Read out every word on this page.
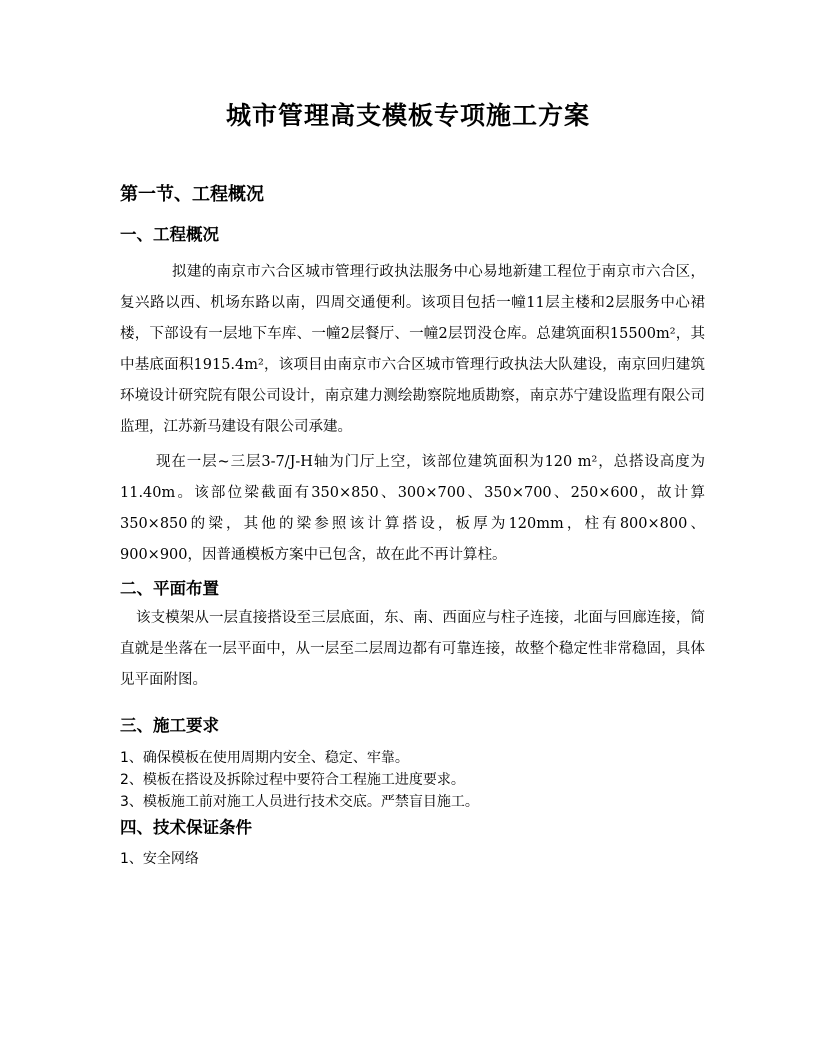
城市管理高支模板专项施工方案
第一节、工程概况
一、工程概况

拟建的南京市六合区城市管理行政执法服务中心易地新建工程位于南京市六合区，复兴路以西、机场东路以南，四周交通便利。该项目包括一幢11层主楼和2层服务中心裙楼，下部设有一层地下车库、一幢2层餐厅、一幢2层罚没仓库。总建筑面积15500m²，其中基底面积1915.4m²，该项目由南京市六合区城市管理行政执法大队建设，南京回归建筑环境设计研究院有限公司设计，南京建力测绘勘察院地质勘察，南京苏宁建设监理有限公司监理，江苏新马建设有限公司承建。

现在一层~三层3-7/J-H轴为门厅上空，该部位建筑面积为120 m²，总搭设高度为11.40m。该部位梁截面有350×850、300×700、350×700、250×600，故计算350×850的梁，其他的梁参照该计算搭设，板厚为120mm，柱有800×800、900×900，因普通模板方案中已包含，故在此不再计算柱。

二、平面布置

该支模架从一层直接搭设至三层底面，东、南、西面应与柱子连接，北面与回廊连接，简直就是坐落在一层平面中，从一层至二层周边都有可靠连接，故整个稳定性非常稳固，具体见平面附图。

三、施工要求
1、确保模板在使用周期内安全、稳定、牢靠。
2、模板在搭设及拆除过程中要符合工程施工进度要求。
3、模板施工前对施工人员进行技术交底。严禁盲目施工。
四、技术保证条件
1、安全网络
